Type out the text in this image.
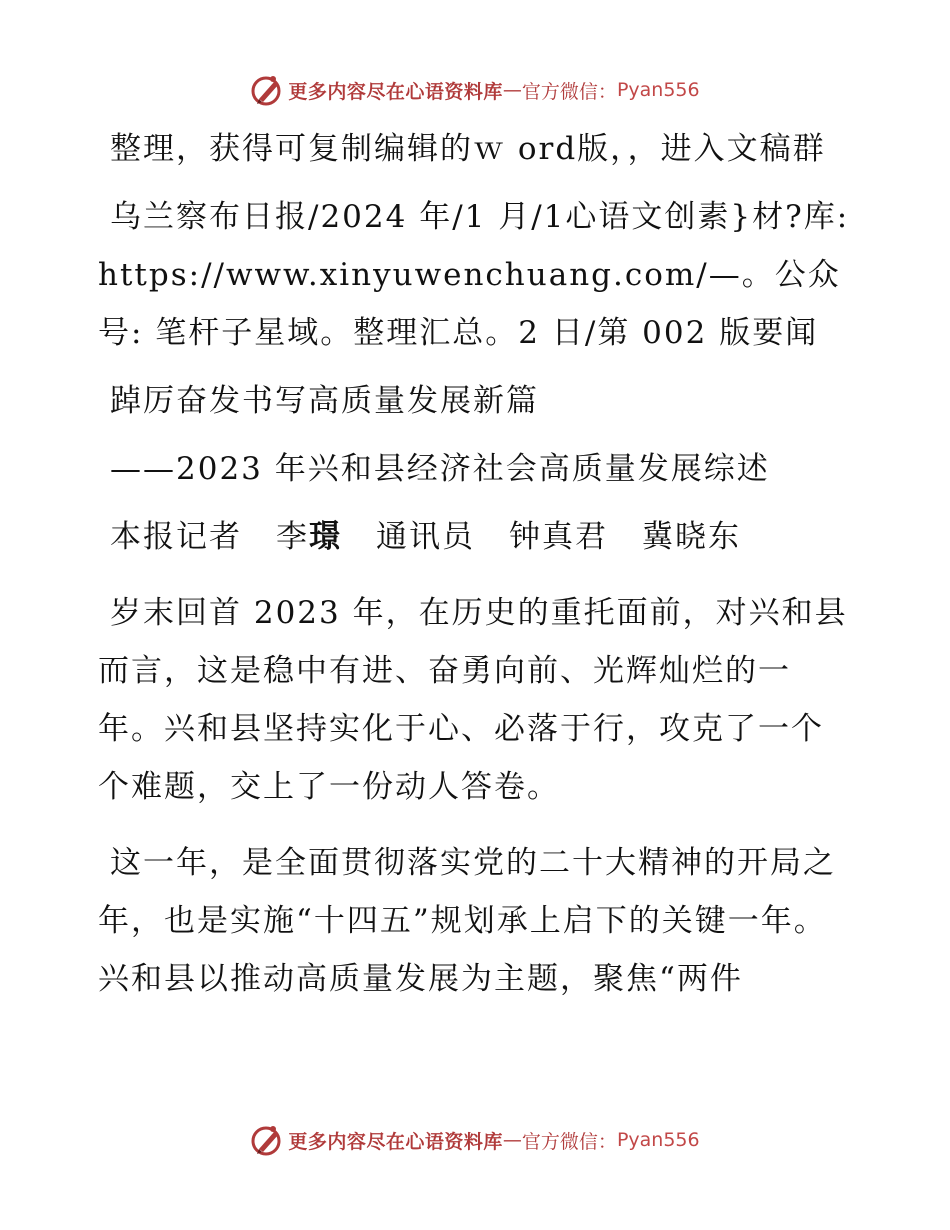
更多内容尽在心语资料库 — 官方微信： Pyan556

整理，获得可复制编辑的ｗ ord版，，进入文稿群

乌兰察布日报/2024 年/1 月/1心语文创素}材?库: https://www.xinyuwenchuang.com/—。公众号: 笔杆子星域。整理汇总。2 日/第 002 版要闻

踔厉奋发书写高质量发展新篇

——2023 年兴和县经济社会高质量发展综述

本报记者 李璟 通讯员 钟真君 冀晓东

岁末回首 2023 年，在历史的重托面前，对兴和县而言，这是稳中有进、奋勇向前、光辉灿烂的一年。兴和县坚持实化于心、必落于行，攻克了一个个难题，交上了一份动人答卷。

这一年，是全面贯彻落实党的二十大精神的开局之年，也是实施“十四五”规划承上启下的关键一年。兴和县以推动高质量发展为主题，聚焦“两件

更多内容尽在心语资料库 — 官方微信： Pyan556
